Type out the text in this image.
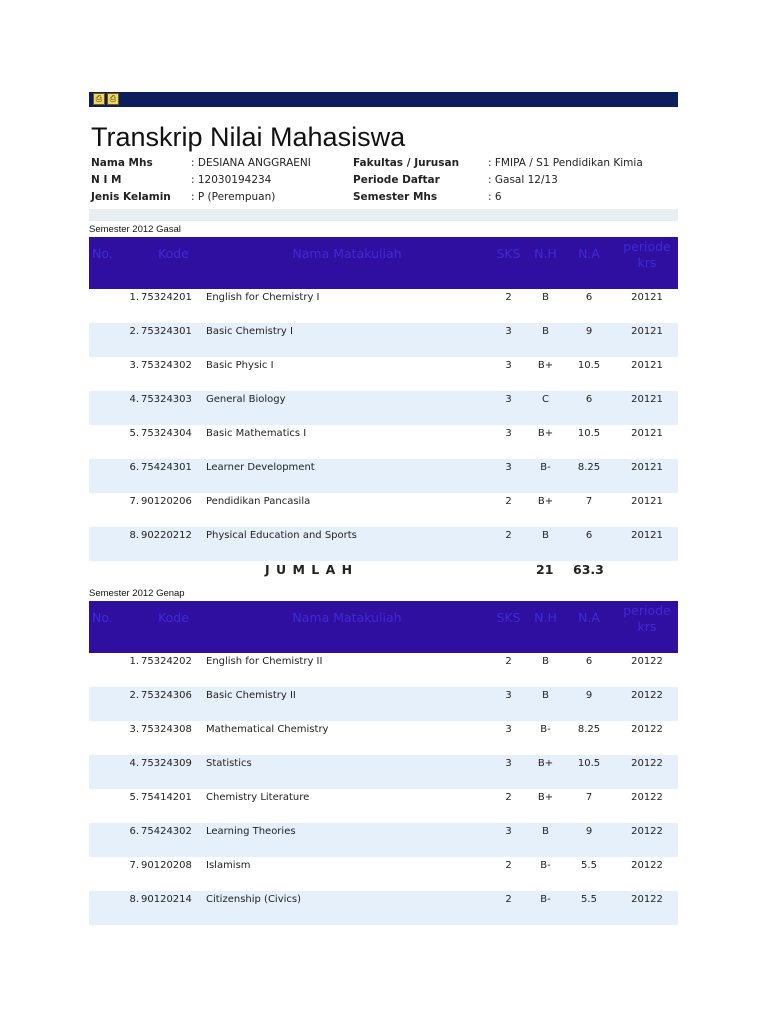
⎙ ⎙
Transkrip Nilai Mahasiswa
Nama Mhs	: DESIANA ANGGRAENI
N I M	: 12030194234
Jenis Kelamin : P (Perempuan)
Fakultas / Jurusan	: FMIPA / S1 Pendidikan Kimia
Periode Daftar	: Gasal 12/13
Semester Mhs	: 6
Semester 2012 Gasal
No.	Kode	Nama Matakuliah	SKS	N.H	N.A	periode krs
1.	75324201	English for Chemistry I	2	B	6	20121
2.	75324301	Basic Chemistry I	3	B	9	20121
3.	75324302	Basic Physic I	3	B+	10.5	20121
4.	75324303	General Biology	3	C	6	20121
5.	75324304	Basic Mathematics I	3	B+	10.5	20121
6.	75424301	Learner Development	3	B-	8.25	20121
7.	90120206	Pendidikan Pancasila	2	B+	7	20121
8.	90220212	Physical Education and Sports	2	B	6	20121
J U M L A H	21 63.3
Semester 2012 Genap
No.	Kode	Nama Matakuliah	SKS	N.H	N.A	periode krs
1.	75324202	English for Chemistry II	2	B	6	20122
2.	75324306	Basic Chemistry II	3	B	9	20122
3.	75324308	Mathematical Chemistry	3	B-	8.25	20122
4.	75324309	Statistics	3	B+	10.5	20122
5.	75414201	Chemistry Literature	2	B+	7	20122
6.	75424302	Learning Theories	3	B	9	20122
7.	90120208	Islamism	2	B-	5.5	20122
8.	90120214	Citizenship (Civics)	2	B-	5.5	20122
